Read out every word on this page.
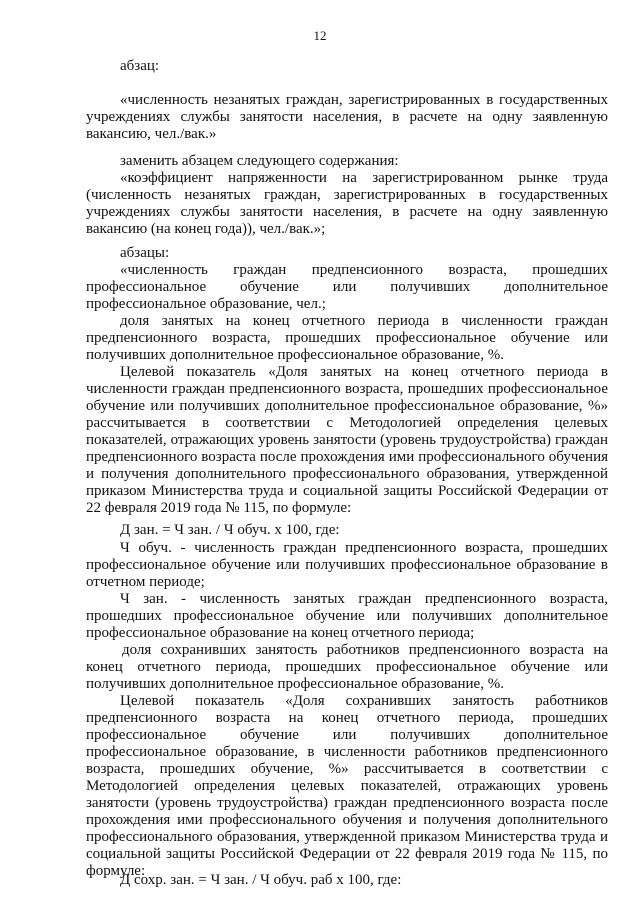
12

абзац:

«численность незанятых граждан, зарегистрированных в государственных учреждениях службы занятости населения, в расчете на одну заявленную вакансию, чел./вак.»

заменить абзацем следующего содержания:

«коэффициент напряженности на зарегистрированном рынке труда (численность незанятых граждан, зарегистрированных в государственных учреждениях службы занятости населения, в расчете на одну заявленную вакансию (на конец года)), чел./вак.»;

абзацы:

«численность граждан предпенсионного возраста, прошедших профессиональное обучение или получивших дополнительное профессиональное образование, чел.;

доля занятых на конец отчетного периода в численности граждан предпенсионного возраста, прошедших профессиональное обучение или получивших дополнительное профессиональное образование, %.

Целевой показатель «Доля занятых на конец отчетного периода в численности граждан предпенсионного возраста, прошедших профессиональное обучение или получивших дополнительное профессиональное образование, %» рассчитывается в соответствии с Методологией определения целевых показателей, отражающих уровень занятости (уровень трудоустройства) граждан предпенсионного возраста после прохождения ими профессионального обучения и получения дополнительного профессионального образования, утвержденной приказом Министерства труда и социальной защиты Российской Федерации от 22 февраля 2019 года № 115, по формуле:

Д зан. = Ч зан. / Ч обуч. х 100, где:

Ч обуч. - численность граждан предпенсионного возраста, прошедших профессиональное обучение или получивших профессиональное образование в отчетном периоде;

Ч зан. - численность занятых граждан предпенсионного возраста, прошедших профессиональное обучение или получивших дополнительное профессиональное образование на конец отчетного периода;

доля сохранивших занятость работников предпенсионного возраста на конец отчетного периода, прошедших профессиональное обучение или получивших дополнительное профессиональное образование, %.

Целевой показатель «Доля сохранивших занятость работников предпенсионного возраста на конец отчетного периода, прошедших профессиональное обучение или получивших дополнительное профессиональное образование, в численности работников предпенсионного возраста, прошедших обучение, %» рассчитывается в соответствии с Методологией определения целевых показателей, отражающих уровень занятости (уровень трудоустройства) граждан предпенсионного возраста после прохождения ими профессионального обучения и получения дополнительного профессионального образования, утвержденной приказом Министерства труда и социальной защиты Российской Федерации от 22 февраля 2019 года № 115, по формуле:

Д сохр. зан. = Ч зан. / Ч обуч. раб х 100, где:
